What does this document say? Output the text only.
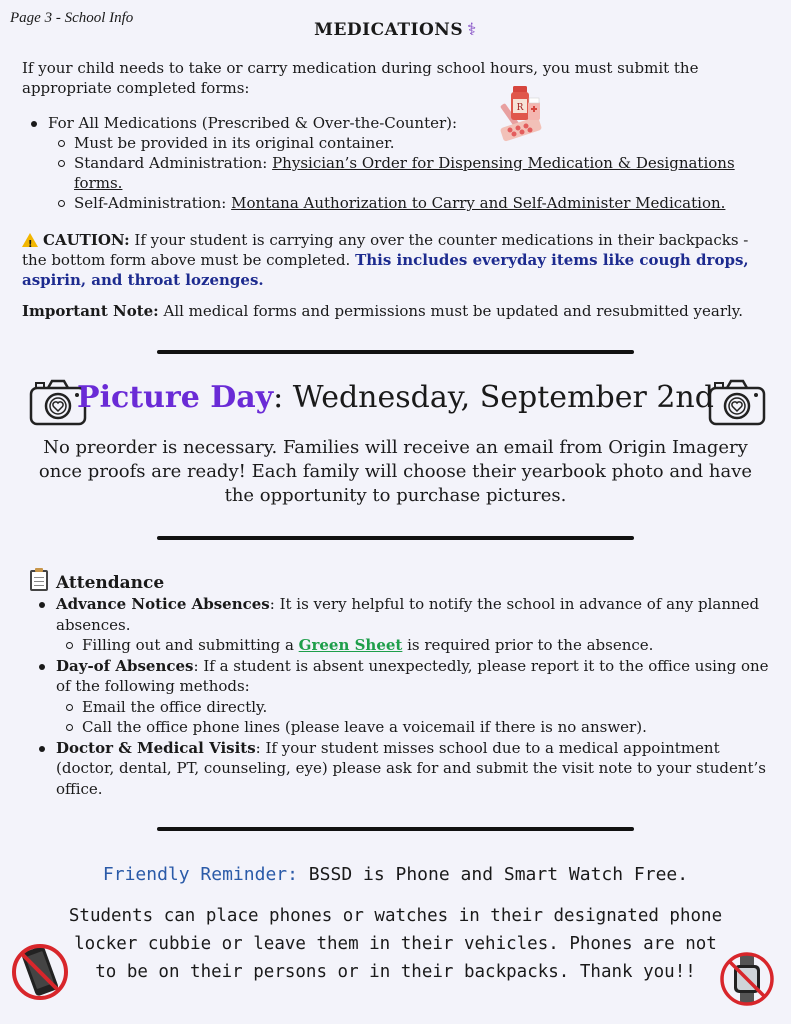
Page 3 - School Info
MEDICATIONS ⚕
If your child needs to take or carry medication during school hours, you must submit the appropriate completed forms:
R
For All Medications (Prescribed & Over-the-Counter):
Must be provided in its original container.
Standard Administration: Physician’s Order for Dispensing Medication & Designations forms.
Self-Administration: Montana Authorization to Carry and Self-Administer Medication.
!CAUTION: If your student is carrying any over the counter medications in their backpacks - the bottom form above must be completed. This includes everyday items like cough drops, aspirin, and throat lozenges.
Important Note: All medical forms and permissions must be updated and resubmitted yearly.
Picture Day: Wednesday, September 2nd
No preorder is necessary. Families will receive an email from Origin Imagery once proofs are ready! Each family will choose their yearbook photo and have the opportunity to purchase pictures.
Attendance
Advance Notice Absences: It is very helpful to notify the school in advance of any planned absences.
Filling out and submitting a Green Sheet is required prior to the absence.
Day-of Absences: If a student is absent unexpectedly, please report it to the office using one of the following methods:
Email the office directly.
Call the office phone lines (please leave a voicemail if there is no answer).
Doctor & Medical Visits: If your student misses school due to a medical appointment (doctor, dental, PT, counseling, eye) please ask for and submit the visit note to your student’s office.
Friendly Reminder: BSSD is Phone and Smart Watch Free.
Students can place phones or watches in their designated phone locker cubbie or leave them in their vehicles. Phones are not to be on their persons or in their backpacks. Thank you!!
